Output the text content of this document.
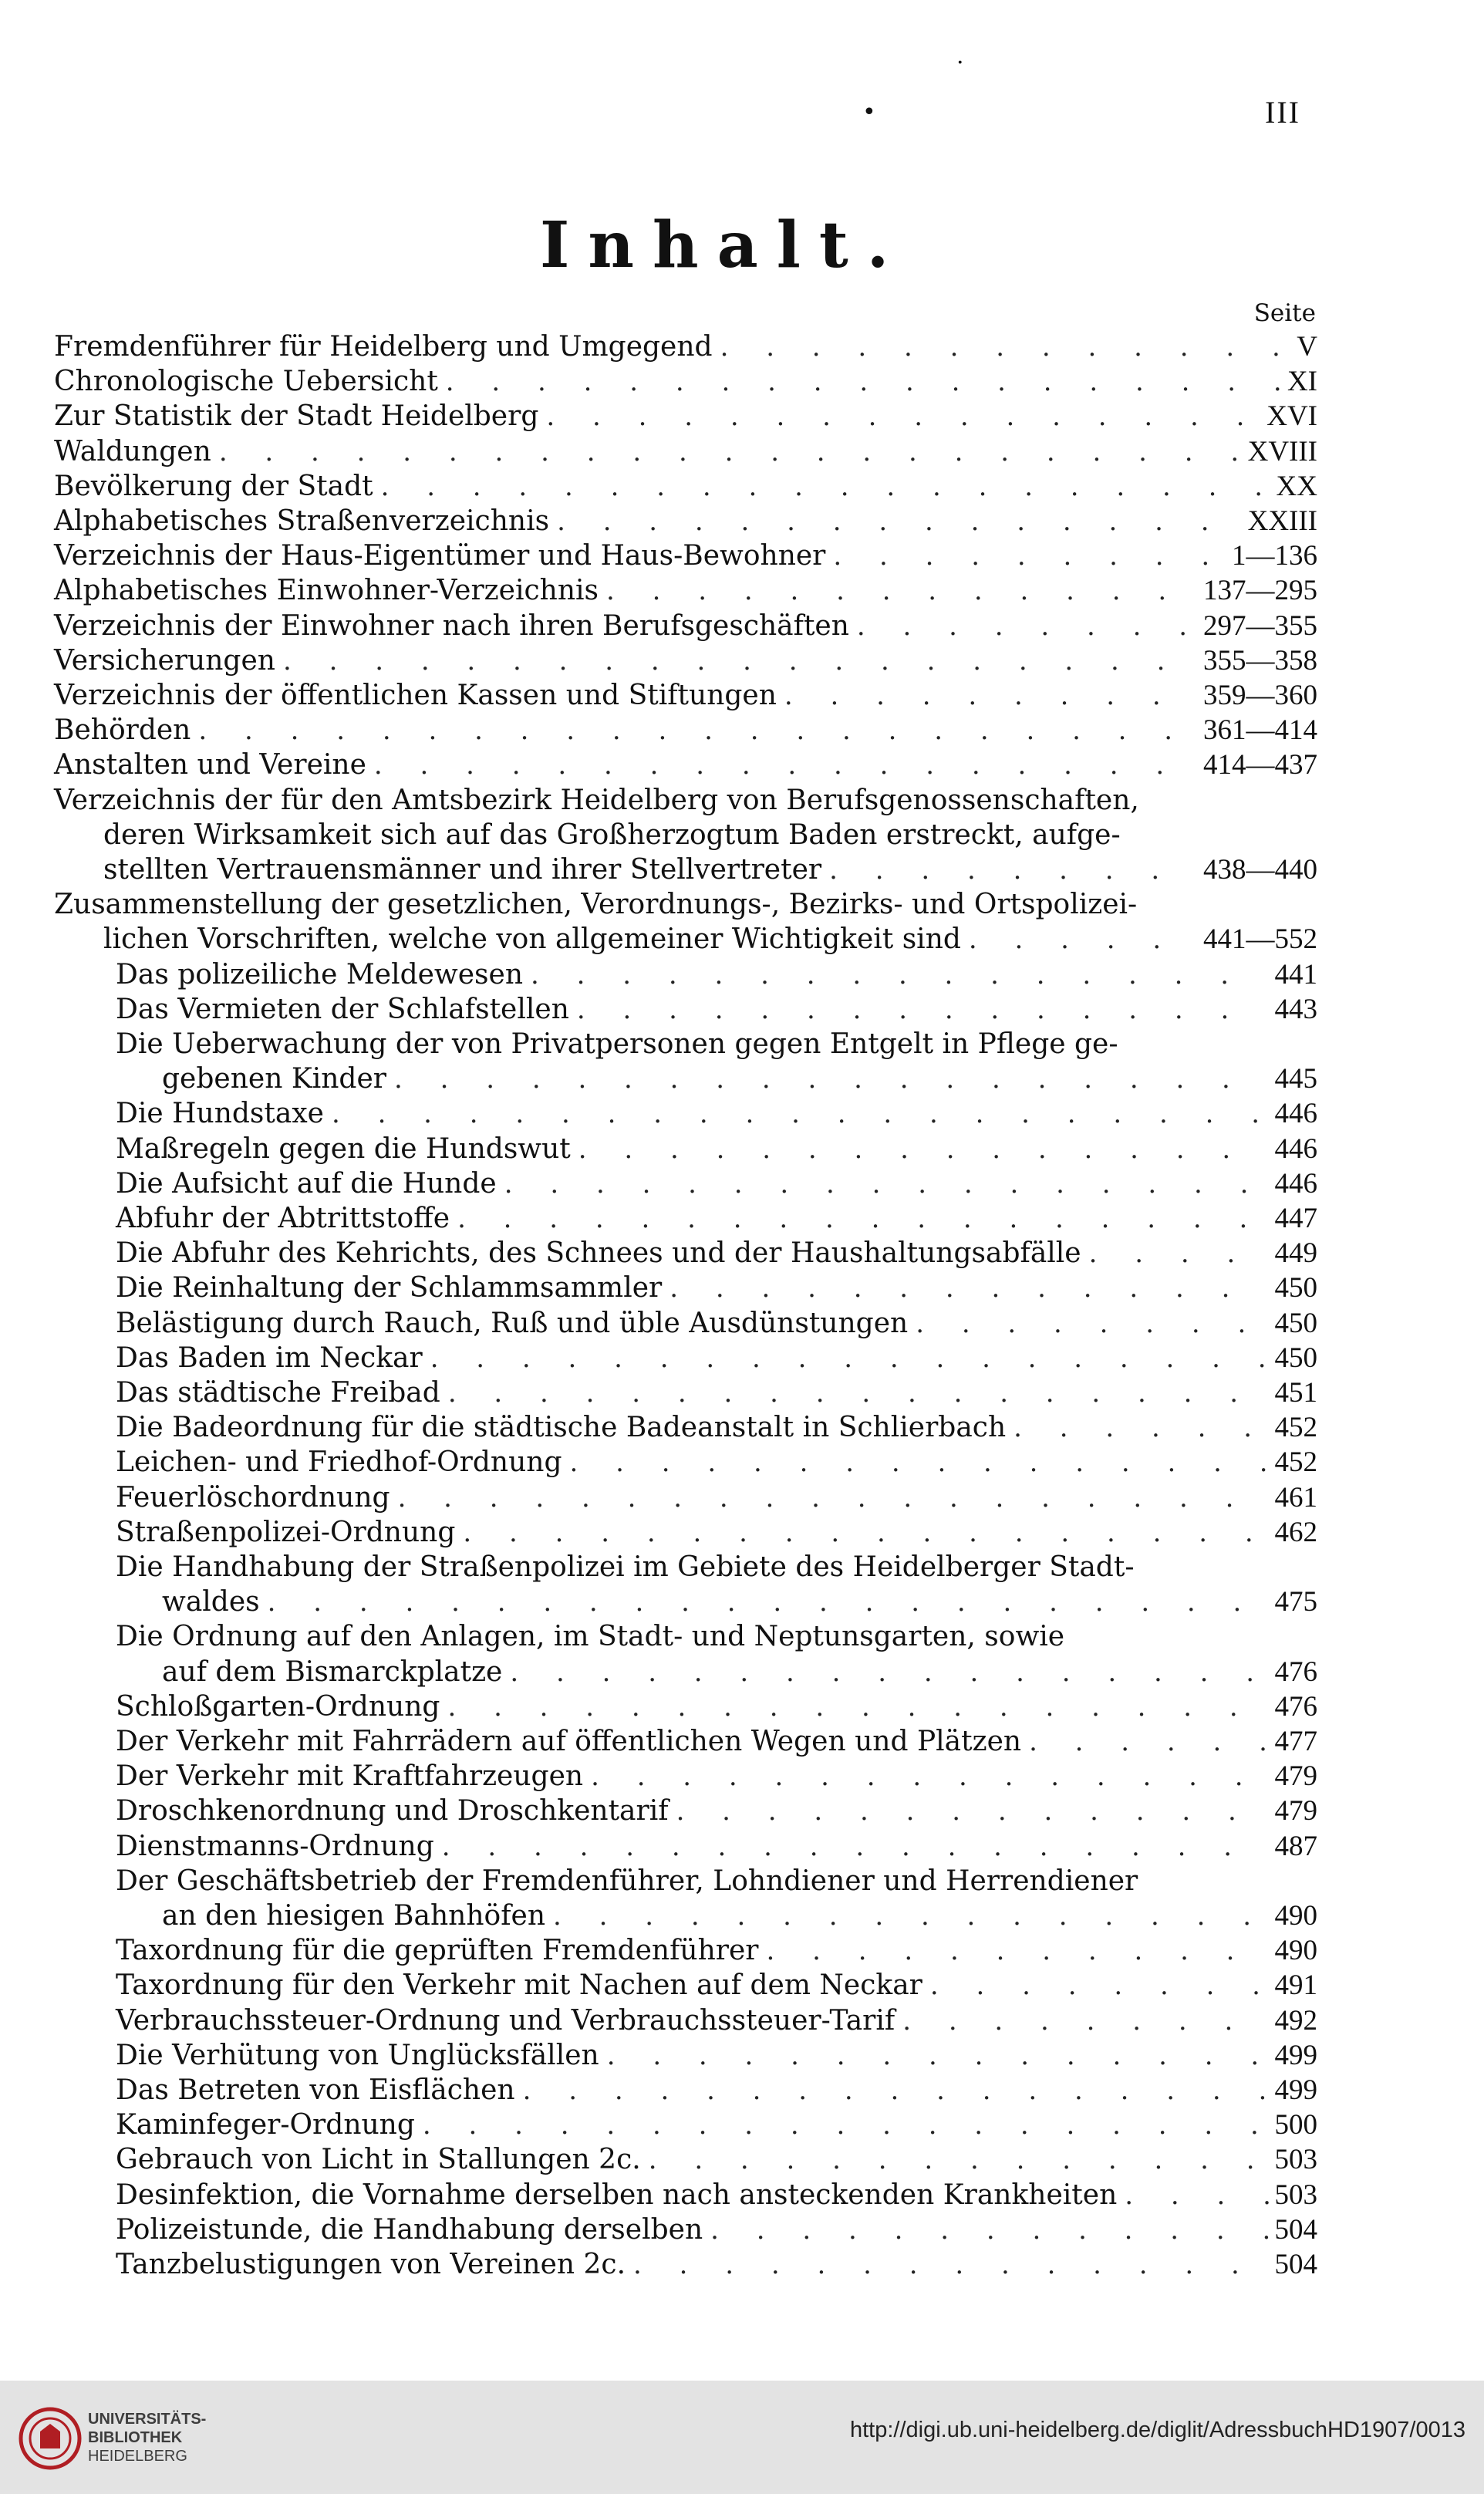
·
•	III
Inhalt.
Seite
Fremdenführer für Heidelberg und Umgegend . . .	V
Chronologische Uebersicht . . .	XI
Zur Statistik der Stadt Heidelberg . . .	XVI
Waldungen . . .	XVIII
Bevölkerung der Stadt . . .	XX
Alphabetisches Straßenverzeichnis . . .	XXIII
Verzeichnis der Haus-Eigentümer und Haus-Bewohner . . .	1—136
Alphabetisches Einwohner-Verzeichnis . . .	137—295
Verzeichnis der Einwohner nach ihren Berufsgeschäften . . .	297—355
Versicherungen . . .	355—358
Verzeichnis der öffentlichen Kassen und Stiftungen . . .	359—360
Behörden . . .	361—414
Anstalten und Vereine . . .	414—437
Verzeichnis der für den Amtsbezirk Heidelberg von Berufsgenossenschaften,
deren Wirksamkeit sich auf das Großherzogtum Baden erstreckt, aufge-
stellten Vertrauensmänner und ihrer Stellvertreter . . .	438—440
Zusammenstellung der gesetzlichen, Verordnungs-, Bezirks- und Ortspolizei-
lichen Vorschriften, welche von allgemeiner Wichtigkeit sind . . .	441—552
Das polizeiliche Meldewesen . . .	441
Das Vermieten der Schlafstellen . . .	443
Die Ueberwachung der von Privatpersonen gegen Entgelt in Pflege ge-
gebenen Kinder . . .	445
Die Hundstaxe . . .	446
Maßregeln gegen die Hundswut . . .	446
Die Aufsicht auf die Hunde . . .	446
Abfuhr der Abtrittstoffe . . .	447
Die Abfuhr des Kehrichts, des Schnees und der Haushaltungsabfälle . . .	449
Die Reinhaltung der Schlammsammler . . .	450
Belästigung durch Rauch, Ruß und üble Ausdünstungen . . .	450
Das Baden im Neckar . . .	450
Das städtische Freibad . . .	451
Die Badeordnung für die städtische Badeanstalt in Schlierbach . . .	452
Leichen- und Friedhof-Ordnung . . .	452
Feuerlöschordnung . . .	461
Straßenpolizei-Ordnung . . .	462
Die Handhabung der Straßenpolizei im Gebiete des Heidelberger Stadt-
waldes . . .	475
Die Ordnung auf den Anlagen, im Stadt- und Neptunsgarten, sowie
auf dem Bismarckplatze . . .	476
Schloßgarten-Ordnung . . .	476
Der Verkehr mit Fahrrädern auf öffentlichen Wegen und Plätzen . . .	477
Der Verkehr mit Kraftfahrzeugen . . .	479
Droschkenordnung und Droschkentarif . . .	479
Dienstmanns-Ordnung . . .	487
Der Geschäftsbetrieb der Fremdenführer, Lohndiener und Herrendiener
an den hiesigen Bahnhöfen . . .	490
Taxordnung für die geprüften Fremdenführer . . .	490
Taxordnung für den Verkehr mit Nachen auf dem Neckar . . .	491
Verbrauchssteuer-Ordnung und Verbrauchssteuer-Tarif . . .	492
Die Verhütung von Unglücksfällen . . .	499
Das Betreten von Eisflächen . . .	499
Kaminfeger-Ordnung . . .	500
Gebrauch von Licht in Stallungen 2c. . . .	503
Desinfektion, die Vornahme derselben nach ansteckenden Krankheiten . . .	503
Polizeistunde, die Handhabung derselben . . .	504
Tanzbelustigungen von Vereinen 2c. . . .	504
UNIVERSITÄTS-
BIBLIOTHEK
HEIDELBERG
http://digi.ub.uni-heidelberg.de/diglit/AdressbuchHD1907/0013
